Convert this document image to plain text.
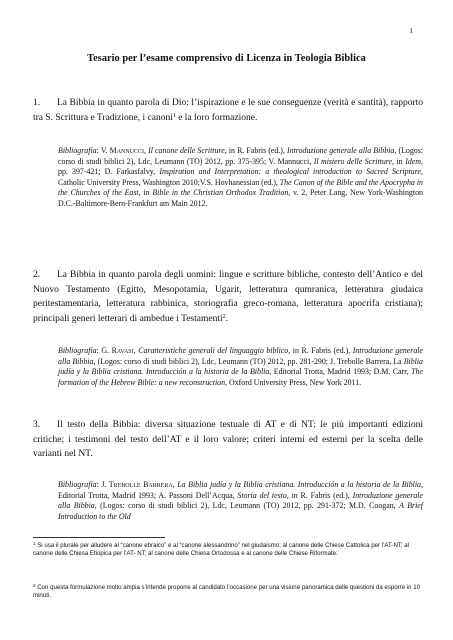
1
Tesario per l’esame comprensivo di Licenza in Teologia Biblica
1. La Bibbia in quanto parola di Dio: l’ispirazione e le sue conseguenze (verità e santità), rapporto tra S. Scrittura e Tradizione, i canoni$^1$ e la loro formazione.
Bibliografia: V. Mannucci, Il canone delle Scritture, in R. Fabris (ed.), Introduzione generale alla Bibbia, (Logos: corso di studi biblici 2), Ldc, Leumann (TO) 2012, pp. 375-395; V. Mannucci, Il mistero delle Scritture, in Idem, pp. 397-421; D. Farkasfalvy, Inspiration and Interpretation: a theological introduction to Sacred Scripture, Catholic University Press, Washington 2010;V.S. Hovhanessian (ed.), The Canon of the Bible and the Apocrypha in the Churches of the East, in Bible in the Christian Orthodox Tradition, v. 2, Peter Lang, New York-Washington D.C.-Baltimore-Bern-Frankfurt am Main 2012.
2. La Bibbia in quanto parola degli uomini: lingue e scritture bibliche, contesto dell’Antico e del Nuovo Testamento (Egitto, Mesopotamia, Ugarit, letteratura qumranica, letteratura giudaica peritestamentaria, letteratura rabbinica, storiografia greco-romana, letteratura apocrifa cristiana); principali generi letterari di ambedue i Testamenti$^2$.
Bibliografia: G. Ravasi, Caratteristiche generali del linguaggio biblico, in R. Fabris (ed.), Introduzione generale alla Bibbia, (Logos: corso di studi biblici 2), Ldc, Leumann (TO) 2012, pp. 281-290; J. Trebolle Barrera, La Biblia judía y la Biblia cristiana. Introducción a la historia de la Biblia, Editorial Trotta, Madrid 1993; D.M. Carr, The formation of the Hebrew Bible: a new reconstruction, Oxford University Press, New York 2011.
3. Il testo della Bibbia: diversa situazione testuale di AT e di NT; le più importanti edizioni critiche; i testimoni del testo dell’AT e il loro valore; criteri interni ed esterni per la scelta delle varianti nel NT.
Bibliografia: J. Trebolle Barrera, La Biblia judía y la Biblia cristiana. Introducción a la historia de la Biblia, Editorial Trotta, Madrid 1993; A. Passoni Dell’Acqua, Storia del testo, in R. Fabris (ed.), Introduzione generale alla Bibbia, (Logos: corso di studi biblici 2), Ldc, Leumann (TO) 2012, pp. 291-372; M.D. Coogan, A Brief Introduction to the Old
$^1$ Si usa il plurale per alludere al “canone ebraico” e al “canone alessandrino” nel giudaismo; al canone delle Chiese Cattolica per l’AT-NT; al canone delle Chiesa Etiopica per l’AT- NT; al canone delle Chiesa Ortodossa e al canone delle Chiese Riformate.
$^2$ Con questa formulazione molto ampia s’intende proporre al candidato l’occasione per una visione panoramica delle questioni da esporre in 10 minuti.
